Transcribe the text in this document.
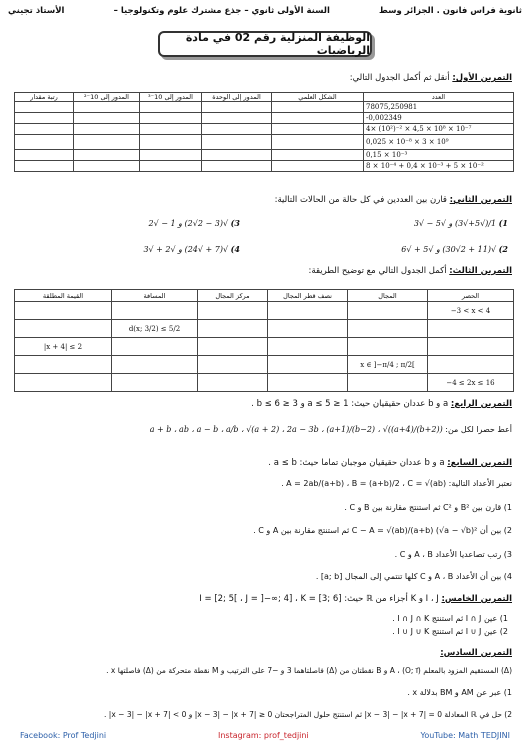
ثانوية فراس فانون . الجزائر وسط
السنة الأولى ثانوي – جذع مشترك علوم وتكنولوجيا –
الأستاذ تجيني
الوظيفة المنزلية رقم 02 في مادة الرياضيات
التمرين الأول: أنقل ثم أكمل الجدول التالي:
العدد	الشكل العلمي	المدور إلى الوحدة	المدور إلى 10⁻³	المدور إلى 10⁻²	رتبة مقدار
78075,250981					
-0,002349					
4× (10²)⁻² × 4,5 × 10⁸ × 10⁻⁷					
0,025 × 10⁻⁸ × 3 × 10⁹					
0,15 × 10⁻³					
8 × 10⁻⁴ + 0,4 × 10⁻³ + 5 × 10⁻²					
التمرين الثاني: قارن بين العددين في كل حالة من الحالات التالية:
1) 1/(√5+√3) و √5 − √3
3) √(3 − 2√2) و 1 − √2
2) √(11 + 2√30) و √5 + √6
4) √(7 + √24) و √2 + √3
التمرين الثالث: أكمل الجدول التالي مع توضيح الطريقة:
الحصر	المجال	نصف قطر المجال	مركز المجال	المسافة	القيمة المطلقة
−3 < x < 4					
				d(x; 3/2) ≤ 5/2	
					|x + 4| ≤ 2
	x ∈ ]−π/4 ; π/2[				
−4 ≤ 2x ≤ 16					
التمرين الرابع: a و b عددان حقيقيان حيث: 1 ≤ a ≤ 5 و 3 ≤ b ≤ 6 .
أعط حصرا لكل من: a + b ، ab ، a − b ، a/b ، √(a + 2) ، 2a − 3b ، (a+1)/(b−2) ، √((a+4)/(b+2))
التمرين السابع: a و b عددان حقيقيان موجبان تماما حيث: a ≤ b .
نعتبر الأعداد التالية: A = 2ab/(a+b) ، B = (a+b)/2 ، C = √(ab) .
1) قارن بين B² و C² ثم استنتج مقارنة بين B و C .
2) بين أن C − A = √(ab)/(a+b) (√a − √b)² ثم استنتج مقارنة بين A و C .
3) رتب تصاعديا الأعداد A ، B و C .
4) بين أن الأعداد A ، B و C كلها تنتمي إلى المجال [a; b] .
التمرين الخامس: I ، J و K أجزاء من ℝ حيث: I = [2; 5[ ، J = ]−∞; 4] ، K = [3; 6]
1) عين I ∩ J ثم استنتج I ∩ J ∩ K .
2) عين I ∪ J ثم استنتج I ∪ J ∪ K .
التمرين السادس:
(Δ) المستقيم المزود بالمعلم (O; i⃗) ، A و B نقطتان من (Δ) فاصلتاهما 3 و −7 على الترتيب و M نقطة متحركة من (Δ) فاصلتها x .
1) عبر عن AM و BM بدلالة x .
2) حل في ℝ المعادلة 0 = |x − 3| − |x + 7| ثم استنتج حلول المتراجحتان 0 ≤ |x − 3| − |x + 7| و 0 > |x − 3| − |x + 7| .
Facebook: Prof Tedjini	Instagram: prof_tedjini	YouTube: Math TEDJINI
